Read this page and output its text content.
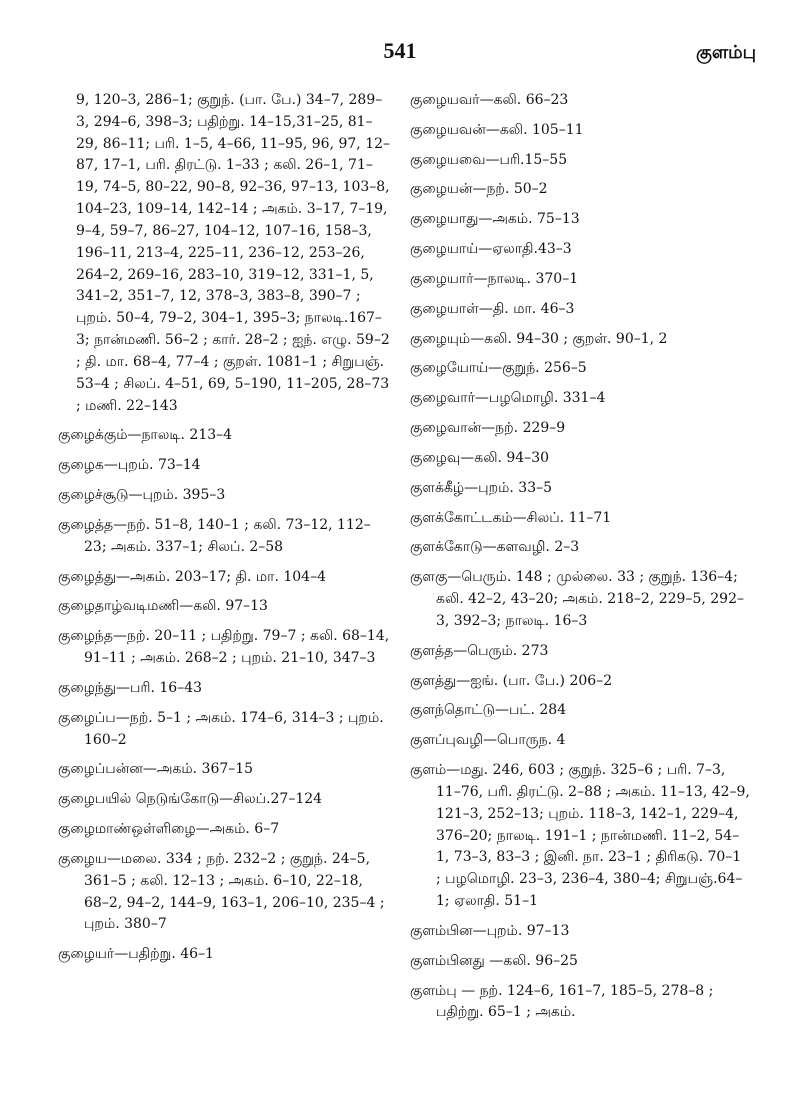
541	குளம்பு

9, 120–3, 286–1; குறுந். (பா. பே.) 34–7, 289–3, 294–6, 398–3; பதிற்று. 14–15,31–25, 81–29, 86–11; பரி. 1–5, 4–66, 11–95, 96, 97, 12–87, 17–1, பரி. திரட்டு. 1–33 ; கலி. 26–1, 71–19, 74–5, 80–22, 90–8, 92–36, 97–13, 103–8, 104–23, 109–14, 142–14 ; அகம். 3–17, 7–19, 9–4, 59–7, 86–27, 104–12, 107–16, 158–3, 196–11, 213–4, 225–11, 236–12, 253–26, 264–2, 269–16, 283–10, 319–12, 331–1, 5, 341–2, 351–7, 12, 378–3, 383–8, 390–7 ; புறம். 50–4, 79–2, 304–1, 395–3; நாலடி.167–3; நான்மணி. 56–2 ; கார். 28–2 ; ஐந். எழு. 59–2 ; தி. மா. 68–4, 77–4 ; குறள். 1081–1 ; சிறுபஞ். 53–4 ; சிலப். 4–51, 69, 5–190, 11–205, 28–73 ; மணி. 22–143

குழைக்கும்—நாலடி. 213–4

குழைக—புறம். 73–14

குழைச்சூடு—புறம். 395–3

குழைத்த—நற். 51–8, 140–1 ; கலி. 73–12, 112–23; அகம். 337–1; சிலப். 2–58

குழைத்து—அகம். 203–17; தி. மா. 104–4

குழைதாழ்வடிமணி—கலி. 97–13

குழைந்த—நற். 20–11 ; பதிற்று. 79–7 ; கலி. 68–14, 91–11 ; அகம். 268–2 ; புறம். 21–10, 347–3

குழைந்து—பரி. 16–43

குழைப்ப—நற். 5–1 ; அகம். 174–6, 314–3 ; புறம். 160–2

குழைப்பன்ன—அகம். 367–15

குழைபயில் நெடுங்கோடு—சிலப்.27–124

குழைமாண்ஒள்ளிழை—அகம். 6–7

குழைய—மலை. 334 ; நற். 232–2 ; குறுந். 24–5, 361–5 ; கலி. 12–13 ; அகம். 6–10, 22–18, 68–2, 94–2, 144–9, 163–1, 206–10, 235–4 ; புறம். 380–7

குழையர்—பதிற்று. 46–1

குழையவர்—கலி. 66–23

குழையவன்—கலி. 105–11

குழையவை—பரி.15–55

குழையன்—நற். 50–2

குழையாது—அகம். 75–13

குழையாய்—ஏலாதி.43–3

குழையார்—நாலடி. 370–1

குழையாள்—தி. மா. 46–3

குழையும்—கலி. 94–30 ; குறள். 90–1, 2

குழையோய்—குறுந். 256–5

குழைவார்—பழமொழி. 331–4

குழைவான்—நற். 229–9

குழைவு—கலி. 94–30

குளக்கீழ்—புறம். 33–5

குளக்கோட்டகம்—சிலப். 11–71

குளக்கோடு—களவழி. 2–3

குளகு—பெரும். 148 ; முல்லை. 33 ; குறுந். 136–4; கலி. 42–2, 43–20; அகம். 218–2, 229–5, 292–3, 392–3; நாலடி. 16–3

குளத்த—பெரும். 273

குளத்து—ஐங். (பா. பே.) 206–2

குளந்தொட்டு—பட். 284

குளப்புவழி—பொருந. 4

குளம்—மது. 246, 603 ; குறுந். 325–6 ; பரி. 7–3, 11–76, பரி. திரட்டு. 2–88 ; அகம். 11–13, 42–9, 121–3, 252–13; புறம். 118–3, 142–1, 229–4, 376–20; நாலடி. 191–1 ; நான்மணி. 11–2, 54–1, 73–3, 83–3 ; இனி. நா. 23–1 ; திரிகடு. 70–1 ; பழமொழி. 23–3, 236–4, 380–4; சிறுபஞ்.64–1; ஏலாதி. 51–1

குளம்பின—புறம். 97–13

குளம்பினது —கலி. 96–25

குளம்பு — நற். 124–6, 161–7, 185–5, 278–8 ; பதிற்று. 65–1 ; அகம்.
